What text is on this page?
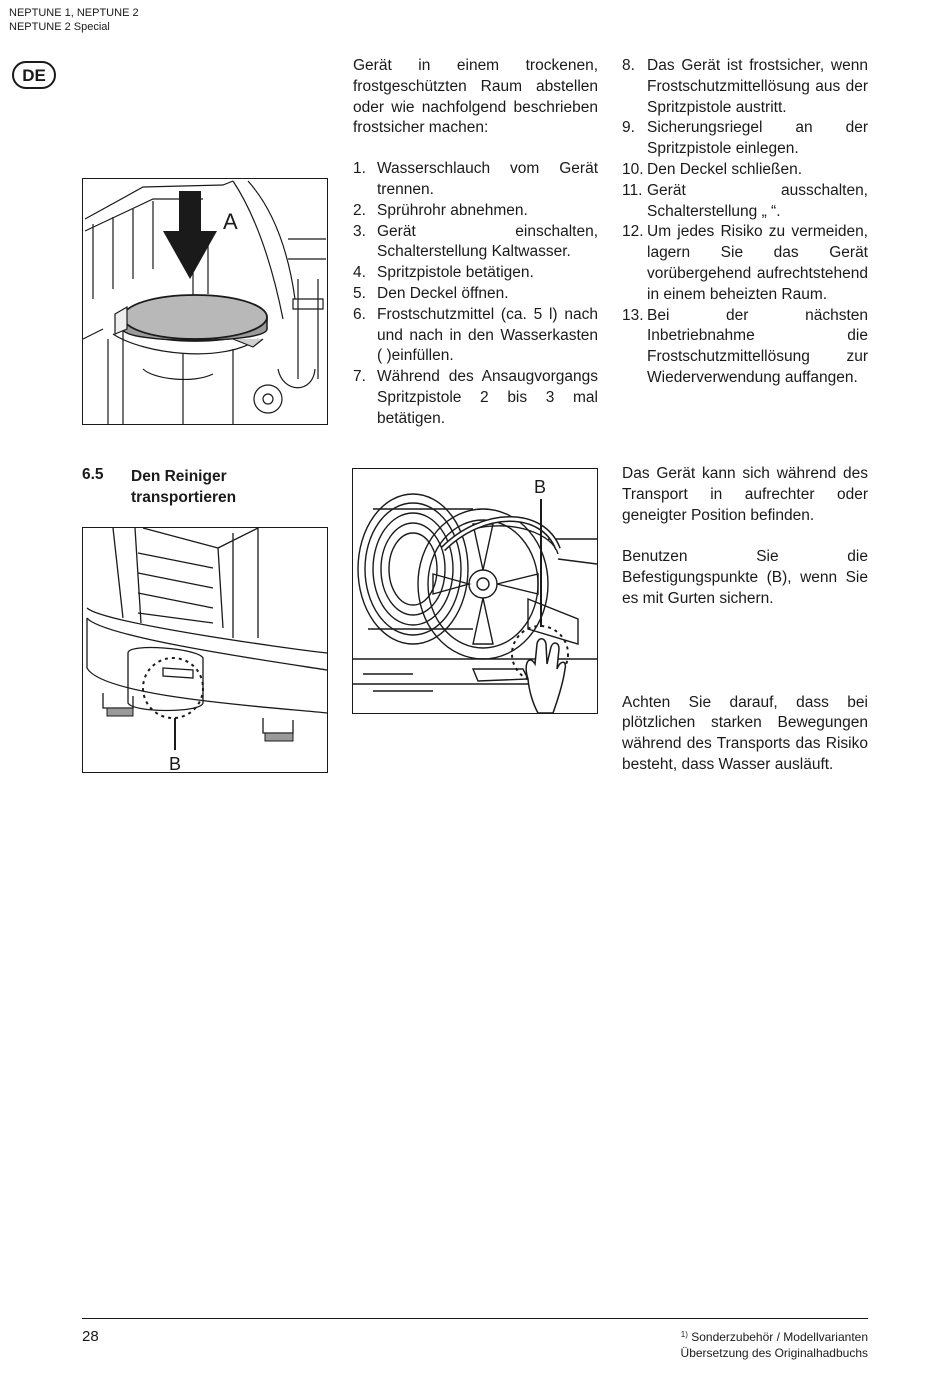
NEPTUNE 1, NEPTUNE 2
NEPTUNE 2 Special
DE

Gerät in einem trockenen, frostgeschützten Raum abstellen oder wie nachfolgend beschrieben frostsicher machen:

1. Wasserschlauch vom Gerät trennen.
2. Sprührohr abnehmen.
3. Gerät einschalten, Schalterstellung Kaltwasser.
4. Spritzpistole betätigen.
5. Den Deckel öffnen.
6. Frostschutzmittel (ca. 5 l) nach und nach in den Wasserkasten ( )einfüllen.
7. Während des Ansaugvorgangs Spritzpistole 2 bis 3 mal betätigen.
8. Das Gerät ist frostsicher, wenn Frostschutzmittellösung aus der Spritzpistole austritt.
9. Sicherungsriegel an der Spritzpistole einlegen.
10. Den Deckel schließen.
11. Gerät ausschalten, Schalterstellung „ “.
12. Um jedes Risiko zu vermeiden, lagern Sie das Gerät vorübergehend aufrechtstehend in einem beheizten Raum.
13. Bei der nächsten Inbetriebnahme die Frostschutzmittellösung zur Wiederverwendung auffangen.
A
6.5 Den Reiniger
transportieren
B
B

Das Gerät kann sich während des Transport in aufrechter oder geneigter Position befinden.

Benutzen Sie die Befestigungspunkte (B), wenn Sie es mit Gurten sichern.

Achten Sie darauf, dass bei plötzlichen starken Bewegungen während des Transports das Risiko besteht, dass Wasser ausläuft.

28	$^{1)}$ Sonderzubehör / Modellvarianten
Übersetzung des Originalhadbuchs
